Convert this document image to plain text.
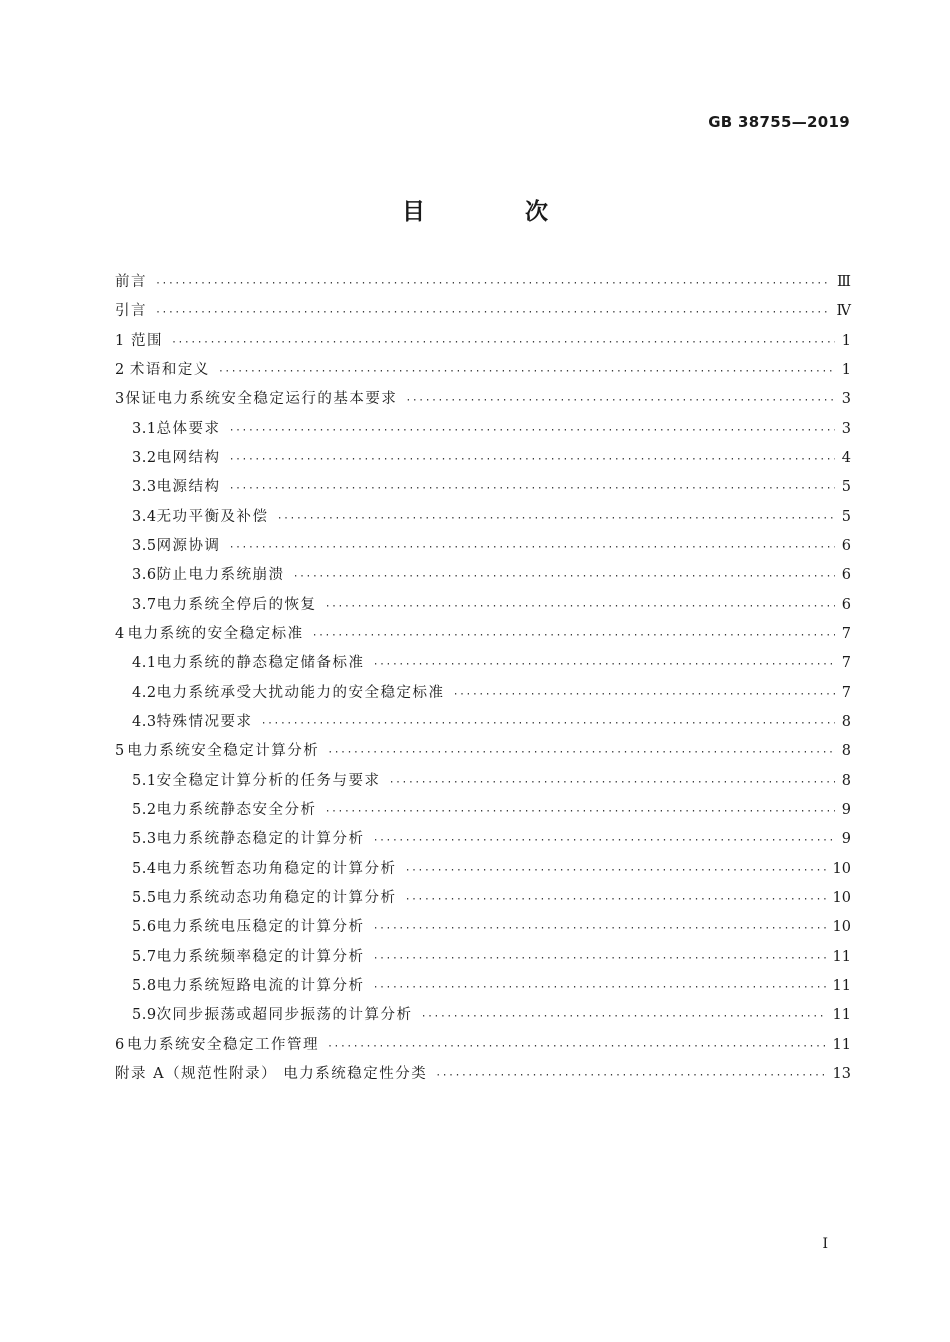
GB 38755—2019
目 次
前言 ·····	Ⅲ
引言 ·····	Ⅳ
1 范围 ·····	1
2 术语和定义 ·····	1
3 保证电力系统安全稳定运行的基本要求 ·····	3
3.1 总体要求 ·····	3
3.2 电网结构 ·····	4
3.3 电源结构 ·····	5
3.4 无功平衡及补偿 ·····	5
3.5 网源协调 ·····	6
3.6 防止电力系统崩溃 ·····	6
3.7 电力系统全停后的恢复 ·····	6
4 电力系统的安全稳定标准 ·····	7
4.1 电力系统的静态稳定储备标准 ·····	7
4.2 电力系统承受大扰动能力的安全稳定标准 ·····	7
4.3 特殊情况要求 ·····	8
5 电力系统安全稳定计算分析 ·····	8
5.1 安全稳定计算分析的任务与要求 ·····	8
5.2 电力系统静态安全分析 ·····	9
5.3 电力系统静态稳定的计算分析 ·····	9
5.4 电力系统暂态功角稳定的计算分析 ·····	10
5.5 电力系统动态功角稳定的计算分析 ·····	10
5.6 电力系统电压稳定的计算分析 ·····	10
5.7 电力系统频率稳定的计算分析 ·····	11
5.8 电力系统短路电流的计算分析 ·····	11
5.9 次同步振荡或超同步振荡的计算分析 ·····	11
6 电力系统安全稳定工作管理 ·····	11
附录 A（规范性附录） 电力系统稳定性分类 ·····	13
I
